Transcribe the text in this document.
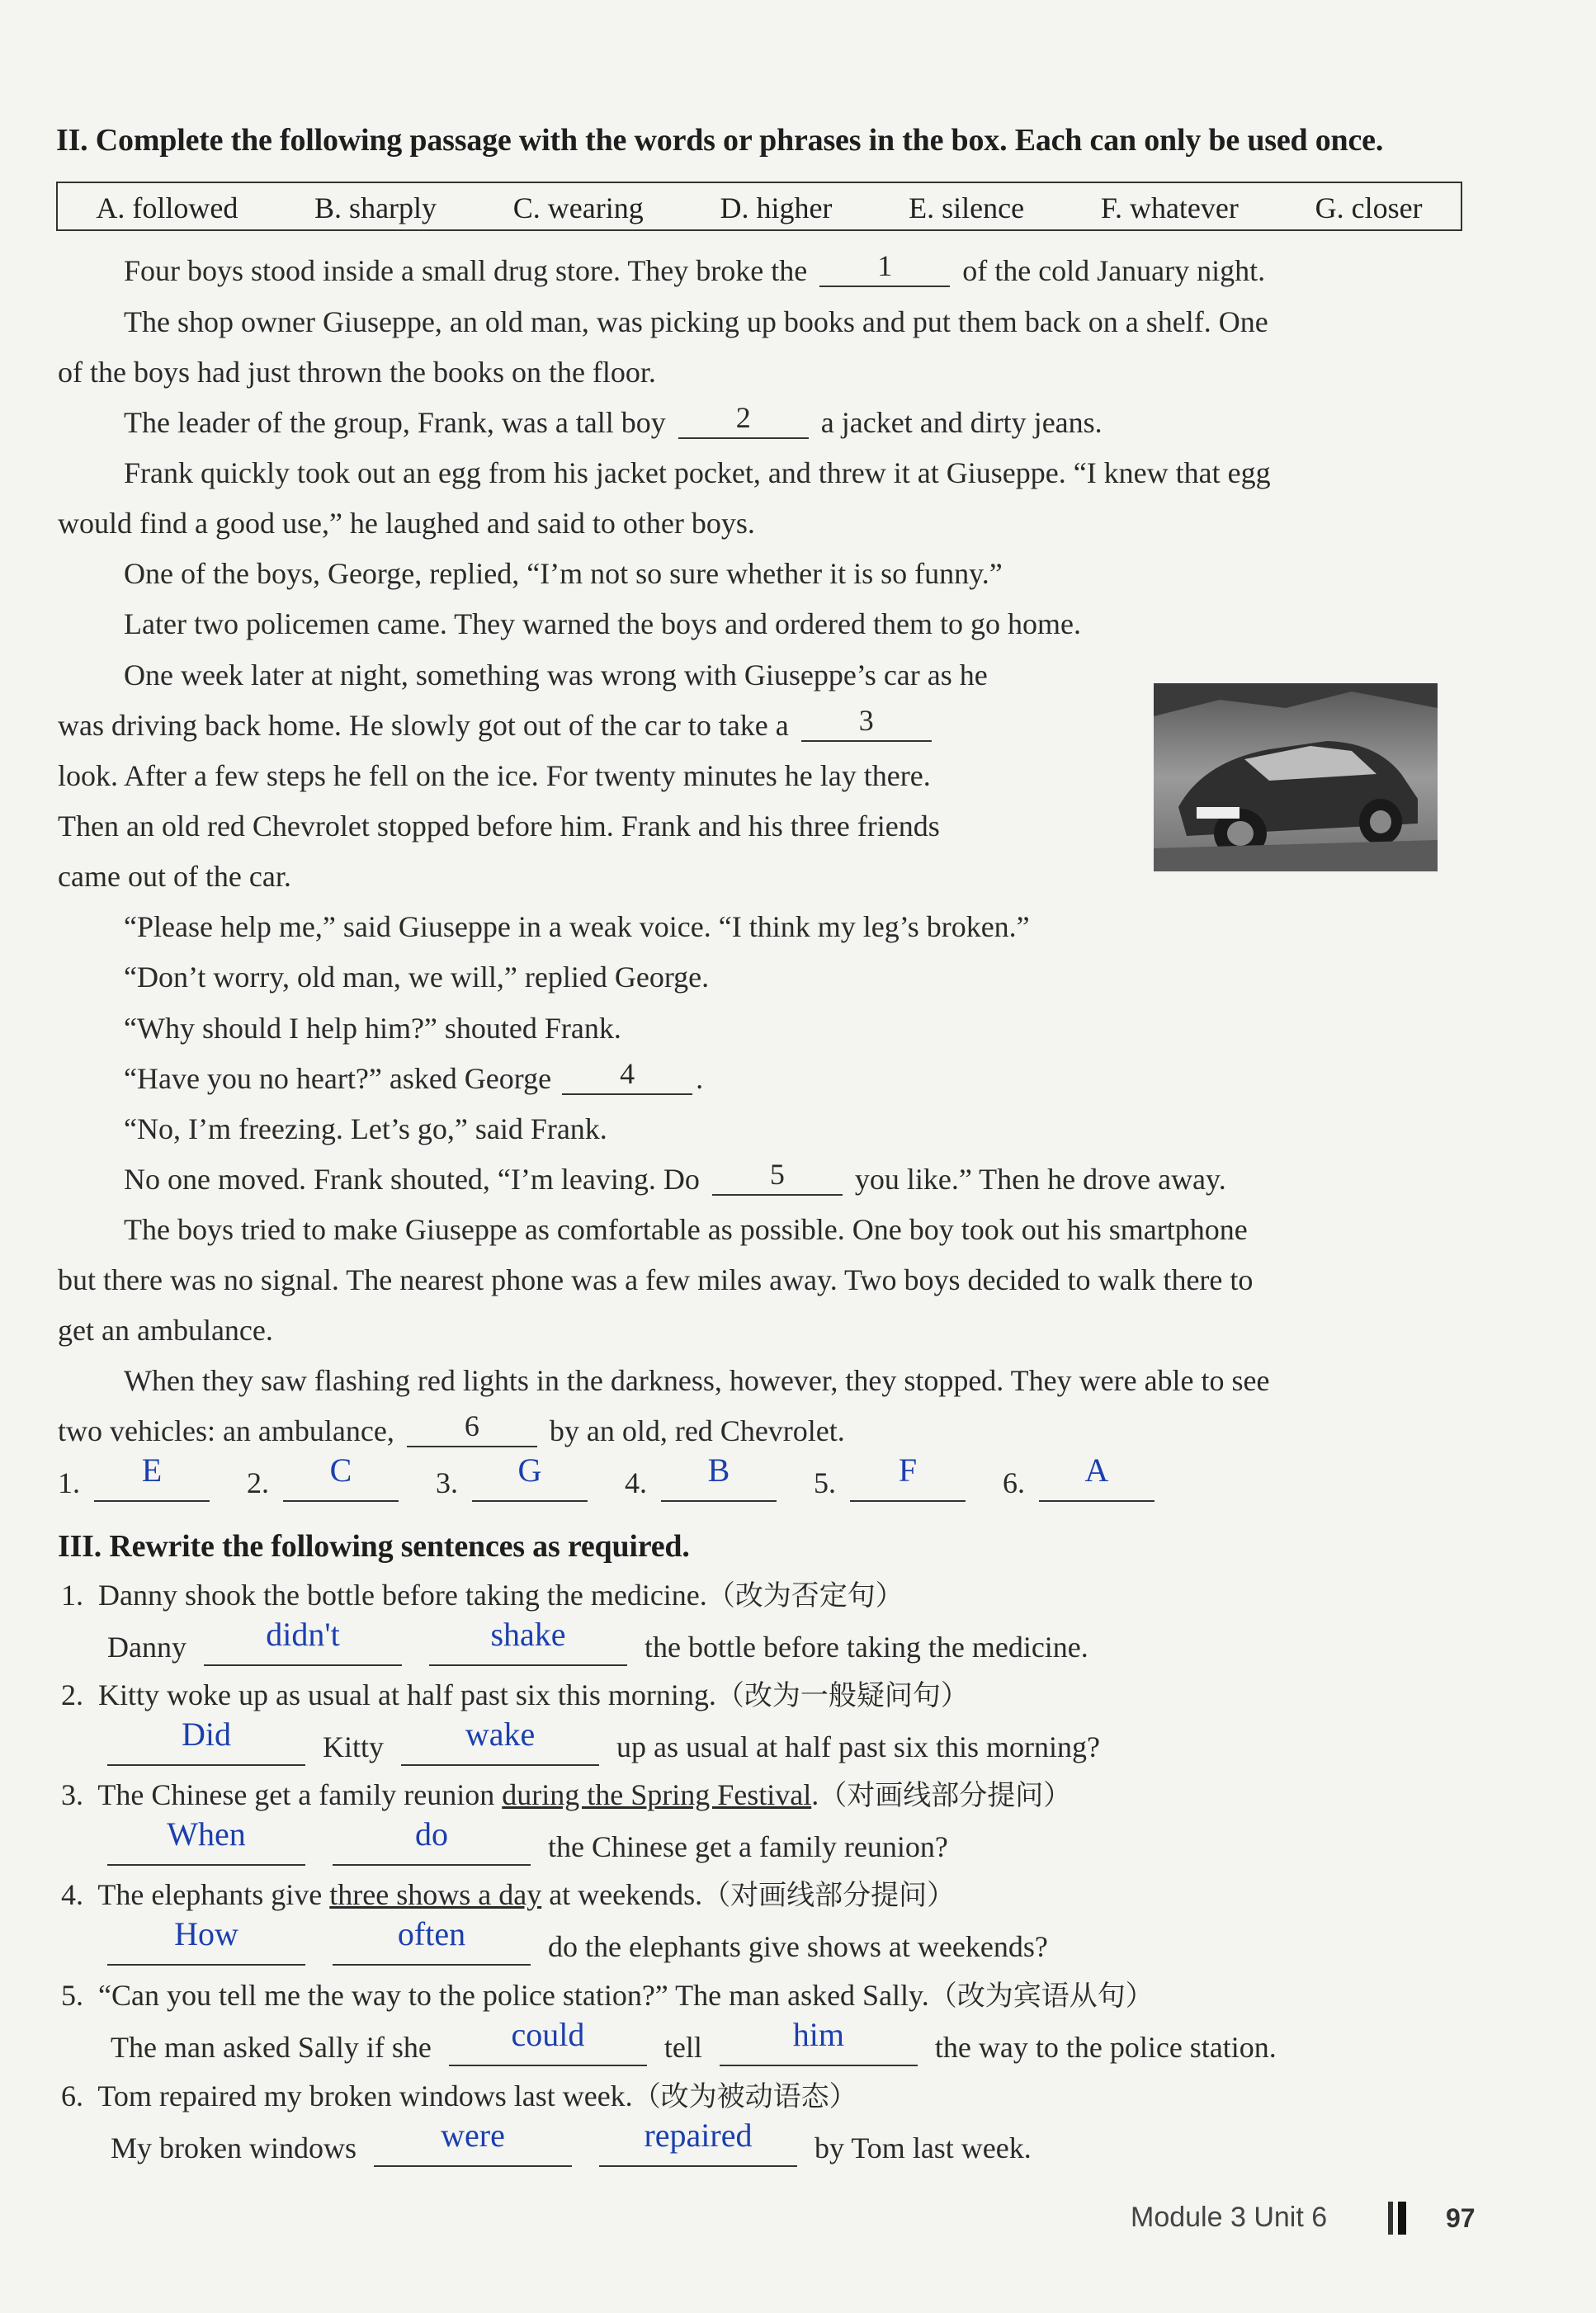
II. Complete the following passage with the words or phrases in the box. Each can only be used once.
A. followed	B. sharply	C. wearing	D. higher	E. silence	F. whatever	G. closer
Four boys stood inside a small drug store. They broke the 1 of the cold January night.
The shop owner Giuseppe, an old man, was picking up books and put them back on a shelf. One
of the boys had just thrown the books on the floor.
The leader of the group, Frank, was a tall boy 2 a jacket and dirty jeans.
Frank quickly took out an egg from his jacket pocket, and threw it at Giuseppe. “I knew that egg
would find a good use,” he laughed and said to other boys.
One of the boys, George, replied, “I’m not so sure whether it is so funny.”
Later two policemen came. They warned the boys and ordered them to go home.
One week later at night, something was wrong with Giuseppe’s car as he
was driving back home. He slowly got out of the car to take a 3
look. After a few steps he fell on the ice. For twenty minutes he lay there.
Then an old red Chevrolet stopped before him. Frank and his three friends
came out of the car.
“Please help me,” said Giuseppe in a weak voice. “I think my leg’s broken.”
“Don’t worry, old man, we will,” replied George.
“Why should I help him?” shouted Frank.
“Have you no heart?” asked George 4 .
“No, I’m freezing. Let’s go,” said Frank.
No one moved. Frank shouted, “I’m leaving. Do 5 you like.” Then he drove away.
The boys tried to make Giuseppe as comfortable as possible. One boy took out his smartphone
but there was no signal. The nearest phone was a few miles away. Two boys decided to walk there to
get an ambulance.
When they saw flashing red lights in the darkness, however, they stopped. They were able to see
two vehicles: an ambulance, 6 by an old, red Chevrolet.
1. E	2. C	3. G	4. B	5. F	6. A
III. Rewrite the following sentences as required.
1. Danny shook the bottle before taking the medicine.（改为否定句）
Danny didn't	shake	the bottle before taking the medicine.
2. Kitty woke up as usual at half past six this morning.（改为一般疑问句）
Did	Kitty wake	up as usual at half past six this morning?
3. The Chinese get a family reunion during the Spring Festival.（对画线部分提问）
When	do	the Chinese get a family reunion?
4. The elephants give three shows a day at weekends.（对画线部分提问）
How	often	do the elephants give shows at weekends?
5. “Can you tell me the way to the police station?” The man asked Sally.（改为宾语从句）
The man asked Sally if she could	tell	him	the way to the police station.
6. Tom repaired my broken windows last week.（改为被动语态）
My broken windows	were	repaired by Tom last week.
Module 3 Unit 6	97
